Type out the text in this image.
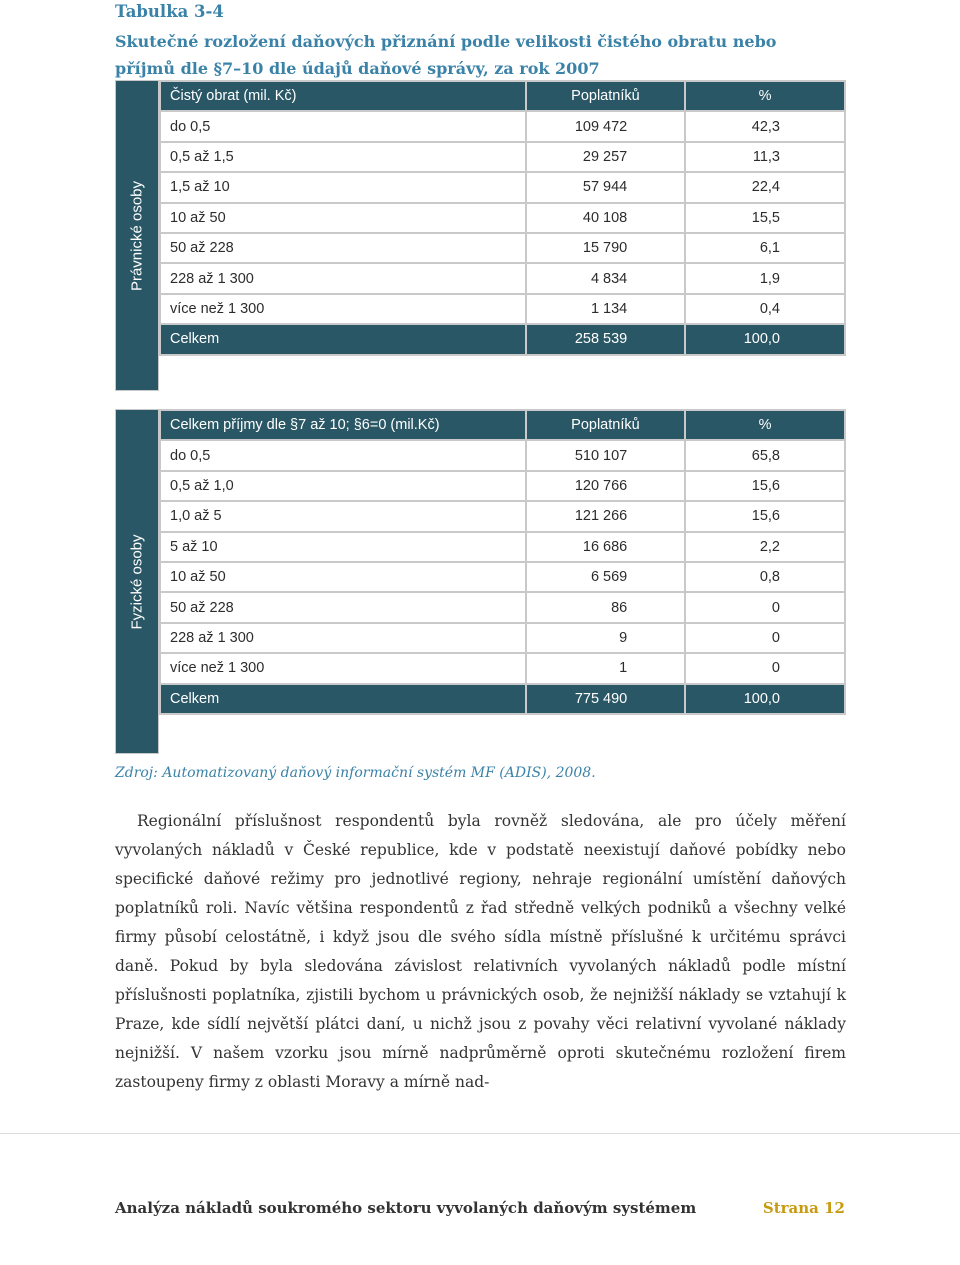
Tabulka 3-4
Skutečné rozložení daňových přiznání podle velikosti čistého obratu nebo příjmů dle §7–10 dle údajů daňové správy, za rok 2007
Právnické osoby
Čistý obrat (mil. Kč)	Poplatníků	%
do 0,5	109 472	42,3
0,5 až 1,5	29 257	11,3
1,5 až 10	57 944	22,4
10 až 50	40 108	15,5
50 až 228	15 790	6,1
228 až 1 300	4 834	1,9
více než 1 300	1 134	0,4
Celkem	258 539	100,0
Fyzické osoby
Celkem příjmy dle §7 až 10; §6=0 (mil.Kč)	Poplatníků	%
do 0,5	510 107	65,8
0,5 až 1,0	120 766	15,6
1,0 až 5	121 266	15,6
5 až 10	16 686	2,2
10 až 50	6 569	0,8
50 až 228	86	0
228 až 1 300	9	0
více než 1 300	1	0
Celkem	775 490	100,0
Zdroj: Automatizovaný daňový informační systém MF (ADIS), 2008.
Regionální příslušnost respondentů byla rovněž sledována, ale pro účely měření vyvolaných nákladů v České republice, kde v podstatě neexistují daňové pobídky nebo specifické daňové režimy pro jednotlivé regiony, nehraje regionální umístění daňových poplatníků roli. Navíc většina respondentů z řad středně velkých podniků a všechny velké firmy působí celostátně, i když jsou dle svého sídla místně příslušné k určitému správci daně. Pokud by byla sledována závislost relativních vyvolaných nákladů podle místní příslušnosti poplatníka, zjistili bychom u právnických osob, že nejnižší náklady se vztahují k Praze, kde sídlí největší plátci daní, u nichž jsou z povahy věci relativní vyvolané náklady nejnižší. V našem vzorku jsou mírně nadprůměrně oproti skutečnému rozložení firem zastoupeny firmy z oblasti Moravy a mírně nad-
Analýza nákladů soukromého sektoru vyvolaných daňovým systémem	Strana 12
